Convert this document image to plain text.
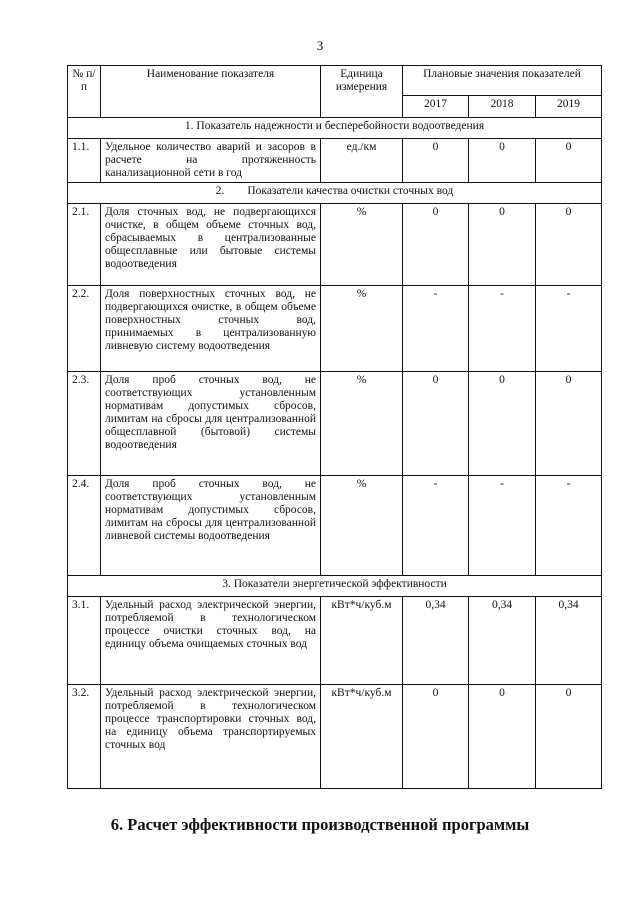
3
№ п/п	Наименование показателя	Единица измерения	Плановые значения показателей		
			2017	2018	2019
1. Показатель надежности и бесперебойности водоотведения					
1.1.	Удельное количество аварий и засоров в расчете на протяженность канализационной сети в год	ед./км	0	0	0
2.        Показатели качества очистки сточных вод					
2.1.	Доля сточных вод, не подвергающихся очистке, в общем объеме сточных вод, сбрасываемых в централизованные общесплавные или бытовые системы водоотведения	%	0	0	0
2.2.	Доля поверхностных сточных вод, не подвергающихся очистке, в общем объеме поверхностных сточных вод, принимаемых в централизованную ливневую систему водоотведения	%	-	-	-
2.3.	Доля проб сточных вод, не соответствующих установленным нормативам допустимых сбросов, лимитам на сбросы для централизованной общесплавной (бытовой) системы водоотведения	%	0	0	0
2.4.	Доля проб сточных вод, не соответствующих установленным нормативам допустимых сбросов, лимитам на сбросы для централизованной ливневой системы водоотведения	%	-	-	-
3. Показатели энергетической эффективности					
3.1.	Удельный расход электрической энергии, потребляемой в технологическом процессе очистки сточных вод, на единицу объема очищаемых сточных вод	кВт*ч/куб.м	0,34	0,34	0,34
3.2.	Удельный расход электрической энергии, потребляемой в технологическом процессе транспортировки сточных вод, на единицу объема транспортируемых сточных вод	кВт*ч/куб.м	0	0	0
6. Расчет эффективности производственной программы
